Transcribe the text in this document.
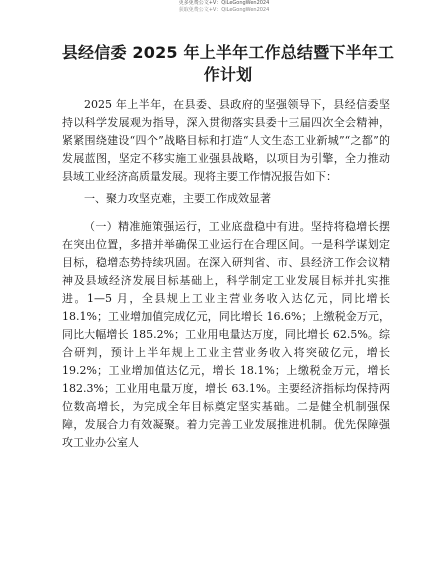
更多免费公文+V：QiLeGongWen2024
获取免费公文+V：QiLeGongWen2024
县经信委 2025 年上半年工作总结暨下半年工作计划

2025 年上半年，在县委、县政府的坚强领导下，县经信委坚持以科学发展观为指导，深入贯彻落实县委十三届四次全会精神，紧紧围绕建设“四个”战略目标和打造“人文生态工业新城”“之都”的发展蓝图，坚定不移实施工业强县战略，以项目为引擎，全力推动县域工业经济高质量发展。现将主要工作情况报告如下：

一、聚力攻坚克难，主要工作成效显著

（一）精准施策强运行，工业底盘稳中有进。坚持将稳增长摆在突出位置，多措并举确保工业运行在合理区间。一是科学谋划定目标，稳增态势持续巩固。在深入研判省、市、县经济工作会议精神及县域经济发展目标基础上，科学制定工业发展目标并扎实推进。1—5 月，全县规上工业主营业务收入达亿元，同比增长 18.1%；工业增加值完成亿元，同比增长 16.6%；上缴税金万元，同比大幅增长 185.2%；工业用电量达万度，同比增长 62.5%。综合研判，预计上半年规上工业主营业务收入将突破亿元，增长 19.2%；工业增加值达亿元，增长 18.1%；上缴税金万元，增长 182.3%；工业用电量万度，增长 63.1%。主要经济指标均保持两位数高增长，为完成全年目标奠定坚实基础。二是健全机制强保障，发展合力有效凝聚。着力完善工业发展推进机制。优先保障强攻工业办公室人
